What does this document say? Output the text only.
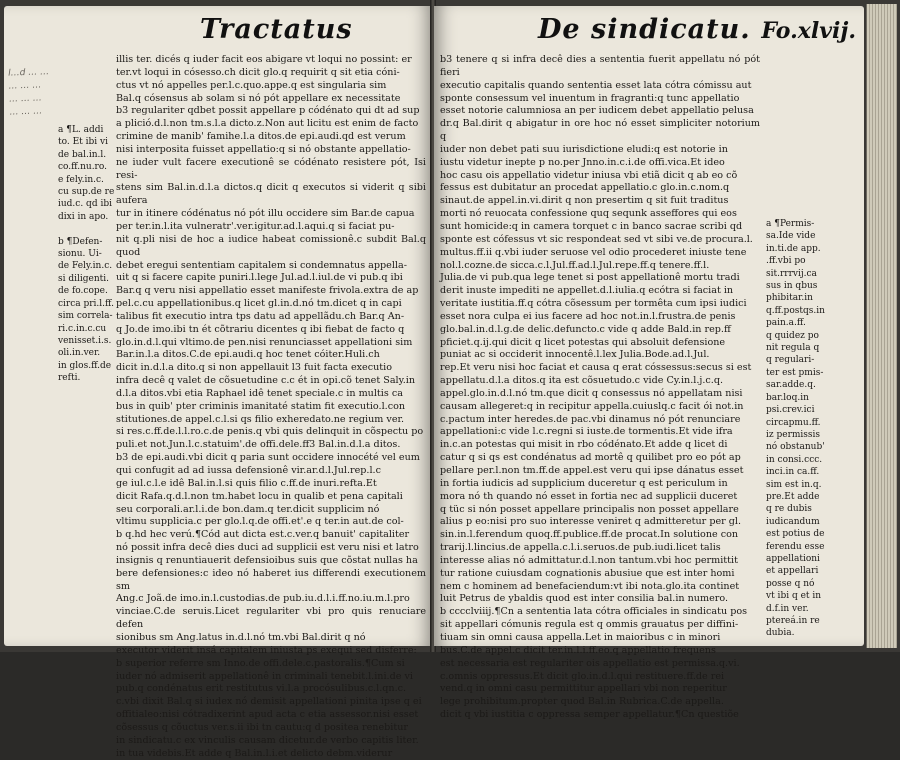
Tractatus

l…d … …

… … …

… … …

… … …

a ¶L. addi

to. Et ibi vi

de bal.in.l.

co.ff.nu.ro.

e fely.in.c.

cu sup.de re

iud.c. qd ibi

dixi in apo.

b ¶Defen-

sionu. Ui-

de Fely.in.c.

si diligenti.

de fo.cope.

circa pri.l.ff.

sim correla-

ri.c.in.c.cu

venisset.i.s.

oli.in.ver.

in glos.ff.de

refti.

illis ter. dicés q iuder facit eos abigare vt loqui no possint: er

ter.vt loqui in cósesso.ch dicit glo.q requirit q sit etia cóni-

ctus vt nó appelles per.l.c.quo.appe.q est singularia sim

Bal.q cósensus ab solam si nó pót appellare ex necessitate

b3 regulariter qdbet possit appellare p códénato qui dt ad sup

a plició.d.l.non tm.s.l.a dicto.z.Non aut licitu est enim de facto

crimine de manib' famihe.l.a ditos.de epi.audi.qd est verum

nisi interposita fuisset appellatio:q si nó obstante appellatio-

ne iuder vult facere executionê se códénato resistere pót, Isi resi-

stens sim Bal.in.d.l.a dictos.q dicit q executos si viderit q sibi aufera

tur in itinere códénatus nó pót illu occidere sim Bar.de capua

per ter.in.l.ita vulneratr'.ver.igitur.ad.l.aqui.q si faciat pu-

nit q.pli nisi de hoc a iudice habeat comissionê.c subdit Bal.q quod

debet eregui sententiam capitalem si condemnatus appella-

uit q si facere capite puniri.l.lege Jul.ad.l.iul.de vi pub.q ibi

Bar.q q veru nisi appellatio esset manifeste frivola.extra de ap

pel.c.cu appellationibus.q licet gl.in.d.nó tm.dicet q in capi

talibus fit executio intra tps datu ad appellãdu.ch Bar.q An-

q Jo.de imo.ibi tn ét cõtrariu dicentes q ibi fiebat de facto q

glo.in.d.l.qui vltimo.de pen.nisi renunciasset appellationi sim

Bar.in.l.a ditos.C.de epi.audi.q hoc tenet cóiter.Huli.ch

dicit in.d.l.a dito.q si non appellauit l3 fuit facta executio

infra decê q valet de cõsuetudine c.c ét in opi.cõ tenet Saly.in

d.l.a ditos.vbi etia Raphael idê tenet speciale.c in multis ca

bus in quib' pter criminis imanitaté statim fit executio.l.con

stitutiones.de appel.c.l.si qs filio exheredato.ne regium ver.

si res.c.ff.de.l.l.ro.c.de penis.q vbi quis delinquit in cõspectu po

puli.et not.Jun.l.c.statuim'.de offi.dele.ff3 Bal.in.d.l.a ditos.

b3 de epi.audi.vbi dicit q paria sunt occidere innocété vel eum

qui confugit ad ad iussa defensionê vir.ar.d.l.Jul.rep.l.c

ge iul.c.l.e idê Bal.in.l.si quis filio c.ff.de inuri.refta.Et

dicit Rafa.q.d.l.non tm.habet locu in qualib et pena capitali

seu corporali.ar.l.i.de bon.dam.q ter.dicit supplicim nó

vltimu supplicia.c per glo.l.q.de offi.et'.e q ter.in aut.de col-

b q.hd hec verú.¶Cód aut dicta est.c.ver.q banuit' capitaliter

nó possit infra decê dies duci ad supplicii est veru nisi et latro

insignis q renuntiauerit defensioibus suis que cõstat nullas ha

bere defensiones:c ideo nó haberet ius differendi executionem sm

Ang.c Joã.de imo.in.l.custodias.de pub.iu.d.l.i.ff.no.iu.m.l.pro

vinciae.C.de seruis.Licet regulariter vbi pro quis renuciare defen

sionibus sm Ang.latus in.d.l.nó tm.vbi Bal.dirit q nó

executor viderit insá capitalem iniusta ps exequi sed disferre:

b superior referre sm Inno.de offi.dele.c.pastoralis.¶Cum si

iuder nó admiserit appellationê in criminali tenebit.l.ini.de vi

pub.q condénatus erit restitutus vi.l.a procósulibus.c.l.qn.c.

c.vbi dixit Bal.q si iudex nó demisit appellationi pinita ipse q ei

offitialeo:nisi cótradixerint apud acta c etia assessor.nisi esset

cõsessus q cõuctus ver.s.ii ibi tn cautu:q d positea renebitur

in sindicatu.c ex vinculis causam dicetur.de verbo capitis liter.

in tua videbis.Et adde q Bal.in.l.i.et delicto debm.viderur

De sindicatu. Fo.xlvij.

b3 tenere q si infra decê dies a sententia fuerit appellatu nó pót fieri

executio capitalis quando sententia esset lata cótra cómissu aut

sponte consessum vel inuentum in fragranti:q tunc appellatio

esset notorie calumniosa an per iudicem debet appellatio pelusa

dr.q Bal.dirit q abigatur in ore hoc nó esset simpliciter notorium q

iuder non debet pati suu iurisdictione eludi:q est notorie in

iustu videtur inepte p no.per Jnno.in.c.i.de offi.vica.Et ideo

hoc casu ois appellatio videtur iniusa vbi etiã dicit q ab eo cõ

fessus est dubitatur an procedat appellatio.c glo.in.c.nom.q

sinaut.de appel.in.vi.dirit q non presertim q sit fuit traditus

morti nó reuocata confessione quq sequnk asseffores qui eos

sunt homicide:q in camera torquet c in banco sacrae scribi qd

sponte est cófessus vt sic respondeat sed vt sibi ve.de procura.l.

multus.ff.ii q.vbi iuder seruose vel odio procederet iniuste tene

nol.l.cozne.de sicca.c.l.Jul.ff.ad.l.Jul.repe.ff.q tenere.ff.l.

Julia.de vi pub.qua lege tenet si post appellationê mortu tradi

derit inuste impediti ne appellet.d.l.iulia.q ecótra si faciat in

veritate iustitia.ff.q cótra cõsessum per tormêta cum ipsi iudici

esset nora culpa ei ius facere ad hoc not.in.l.frustra.de penis

glo.bal.in.d.l.g.de delic.defuncto.c vide q adde Bald.in rep.ff

pficiet.q.ij.qui dicit q licet potestas qui absoluit defensione

puniat ac si occiderit innocentê.l.lex Julia.Bode.ad.l.Jul.

rep.Et veru nisi hoc faciat et causa q erat cóssessus:secus si est

appellatu.d.l.a ditos.q ita est cõsuetudo.c vide Cy.in.l.j.c.q.

appel.glo.in.d.l.nó tm.que dicit q consessus nó appellatam nisi

causam allegeret:q in recipitur appella.cuiuslq.c facit ói not.in

c.pactum inter heredes.de pac.vbi dinamus nó pót renunciare

appellationi:c vide l.c.regni si iuste.de tormentis.Et vide ifra

in.c.an potestas qui misit in rbo códénato.Et adde q licet di

catur q si qs est condénatus ad mortê q quilibet pro eo pót ap

pellare per.l.non tm.ff.de appel.est veru qui ipse dánatus esset

in fortia iudicis ad supplicium duceretur q est periculum in

mora nó th quando nó esset in fortia nec ad supplicii duceret

q tüc si nón posset appellare principalis non posset appellare

alius p eo:nisi pro suo interesse veniret q admitteretur per gl.

sin.in.l.ferendum quoq.ff.publice.ff.de procat.In solutione con

trarij.l.lincius.de appella.c.l.i.seruos.de pub.iudi.licet talis

interesse alias nó admittatur.d.l.non tantum.vbi hoc permittit

tur ratione cuiusdam cognationis abusiue que est inter homi

nem c hominem ad benefaciendum:vt ibi nota.glo.ita continet

luit Petrus de ybaldis quod est inter consilia bal.in numero.

b cccclviiij.¶Cn a sententia lata cótra officiales in sindicatu pos

sit appellari cómunis regula est q ommis grauatus per diffini-

tiuam sin omni causa appella.Let in maioribus c in minori

bus.C.de appel.c dicit ter.in.l.i.ff.eo.q appellatio frequens

est necessaria est regulariter ois appellatio est permissa.q.vi.

c.omnis oppressus.Et dicit glo.in.d.l.qui restituere.ff.de rei

vend.q in omni casu permittitur appellari vbi non reperitur

lege prohibitum.propter quod Bal.in Rubrica.C.de appella.

dicit q vbi iustitia c oppressa semper appellatur.¶Cn questiõe

a ¶Permis-

sa.Ide vide

in.ti.de app.

.ff.vbi po

sit.rrrvij.ca

sus in qbus

phibitar.in

q.ff.postqs.in

pain.a.ff.

q quidez po

nit regula q

q regulari-

ter est pmis-

sar.adde.q.

bar.loq.in

psi.crev.ici

circapmu.ff.

iz permissis

nó obstanub'

in consi.ccc.

inci.in ca.ff.

sim est in.q.

pre.Et adde

q re dubis

iudicandum

est potius de

ferendu esse

appellationi

et appellari

posse q nó

vt ibi q et in

d.f.in ver.

ptereá.in re

dubia.
